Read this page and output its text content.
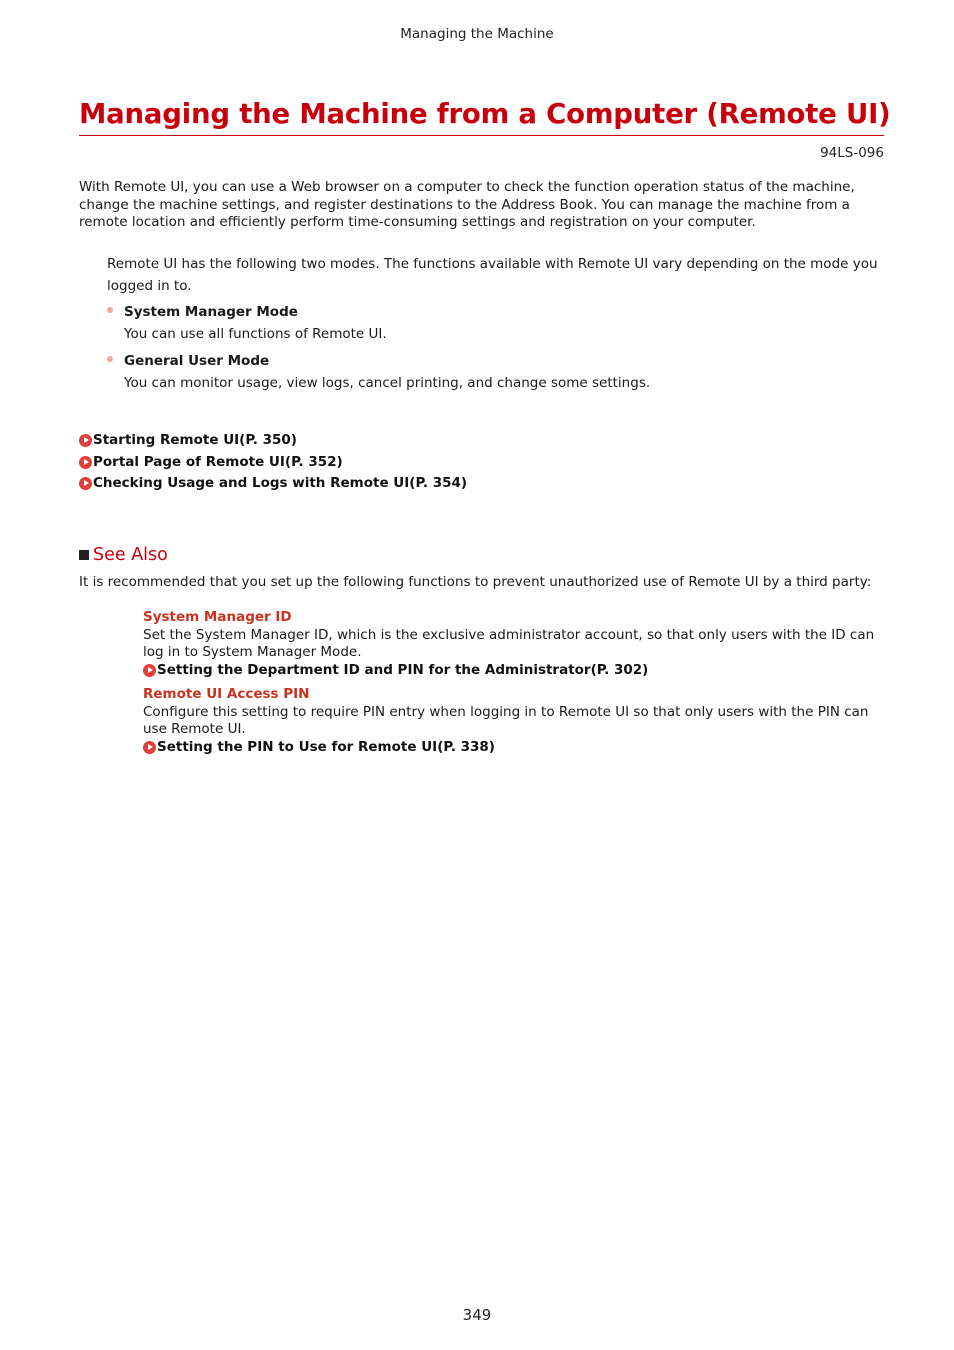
Managing the Machine
Managing the Machine from a Computer (Remote UI)
94LS-096

With Remote UI, you can use a Web browser on a computer to check the function operation status of the machine, change the machine settings, and register destinations to the Address Book. You can manage the machine from a remote location and efficiently perform time-consuming settings and registration on your computer.

Remote UI has the following two modes. The functions available with Remote UI vary depending on the mode you logged in to.

System Manager Mode
You can use all functions of Remote UI.
General User Mode
You can monitor usage, view logs, cancel printing, and change some settings.
Starting Remote UI(P. 350)
Portal Page of Remote UI(P. 352)
Checking Usage and Logs with Remote UI(P. 354)
See Also

It is recommended that you set up the following functions to prevent unauthorized use of Remote UI by a third party:

System Manager ID
Set the System Manager ID, which is the exclusive administrator account, so that only users with the ID can log in to System Manager Mode.
Setting the Department ID and PIN for the Administrator(P. 302)
Remote UI Access PIN
Configure this setting to require PIN entry when logging in to Remote UI so that only users with the PIN can use Remote UI.
Setting the PIN to Use for Remote UI(P. 338)
349
